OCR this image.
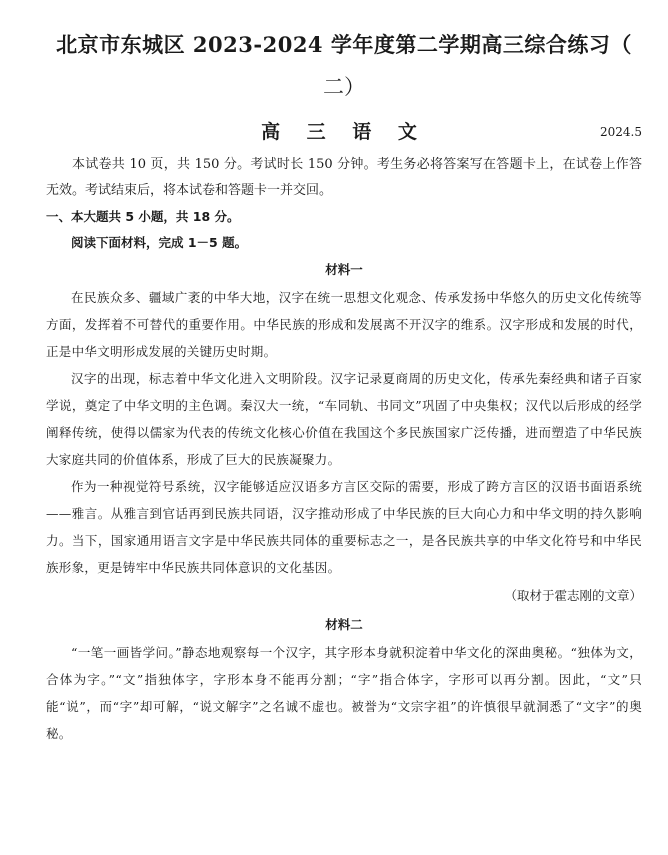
北京市东城区 2023-2024 学年度第二学期高三综合练习（
二）
高 三 语 文	2024.5

本试卷共 10 页，共 150 分。考试时长 150 分钟。考生务必将答案写在答题卡上，在试卷上作答无效。考试结束后，将本试卷和答题卡一并交回。

一、本大题共 5 小题，共 18 分。

阅读下面材料，完成 1－5 题。

材料一

在民族众多、疆域广袤的中华大地，汉字在统一思想文化观念、传承发扬中华悠久的历史文化传统等方面，发挥着不可替代的重要作用。中华民族的形成和发展离不开汉字的维系。汉字形成和发展的时代，正是中华文明形成发展的关键历史时期。

汉字的出现，标志着中华文化进入文明阶段。汉字记录夏商周的历史文化，传承先秦经典和诸子百家学说，奠定了中华文明的主色调。秦汉大一统，“车同轨、书同文”巩固了中央集权；汉代以后形成的经学阐释传统，使得以儒家为代表的传统文化核心价值在我国这个多民族国家广泛传播，进而塑造了中华民族大家庭共同的价值体系，形成了巨大的民族凝聚力。

作为一种视觉符号系统，汉字能够适应汉语多方言区交际的需要，形成了跨方言区的汉语书面语系统——雅言。从雅言到官话再到民族共同语，汉字推动形成了中华民族的巨大向心力和中华文明的持久影响力。当下，国家通用语言文字是中华民族共同体的重要标志之一，是各民族共享的中华文化符号和中华民族形象，更是铸牢中华民族共同体意识的文化基因。

（取材于霍志刚的文章）
材料二

“一笔一画皆学问。”静态地观察每一个汉字，其字形本身就积淀着中华文化的深曲奥秘。“独体为文，合体为字。”“文”指独体字，字形本身不能再分割；“字”指合体字，字形可以再分割。因此，“文”只能“说”，而“字”却可解，“说文解字”之名诚不虚也。被誉为“文宗字祖”的许慎很早就洞悉了“文字”的奥秘。
